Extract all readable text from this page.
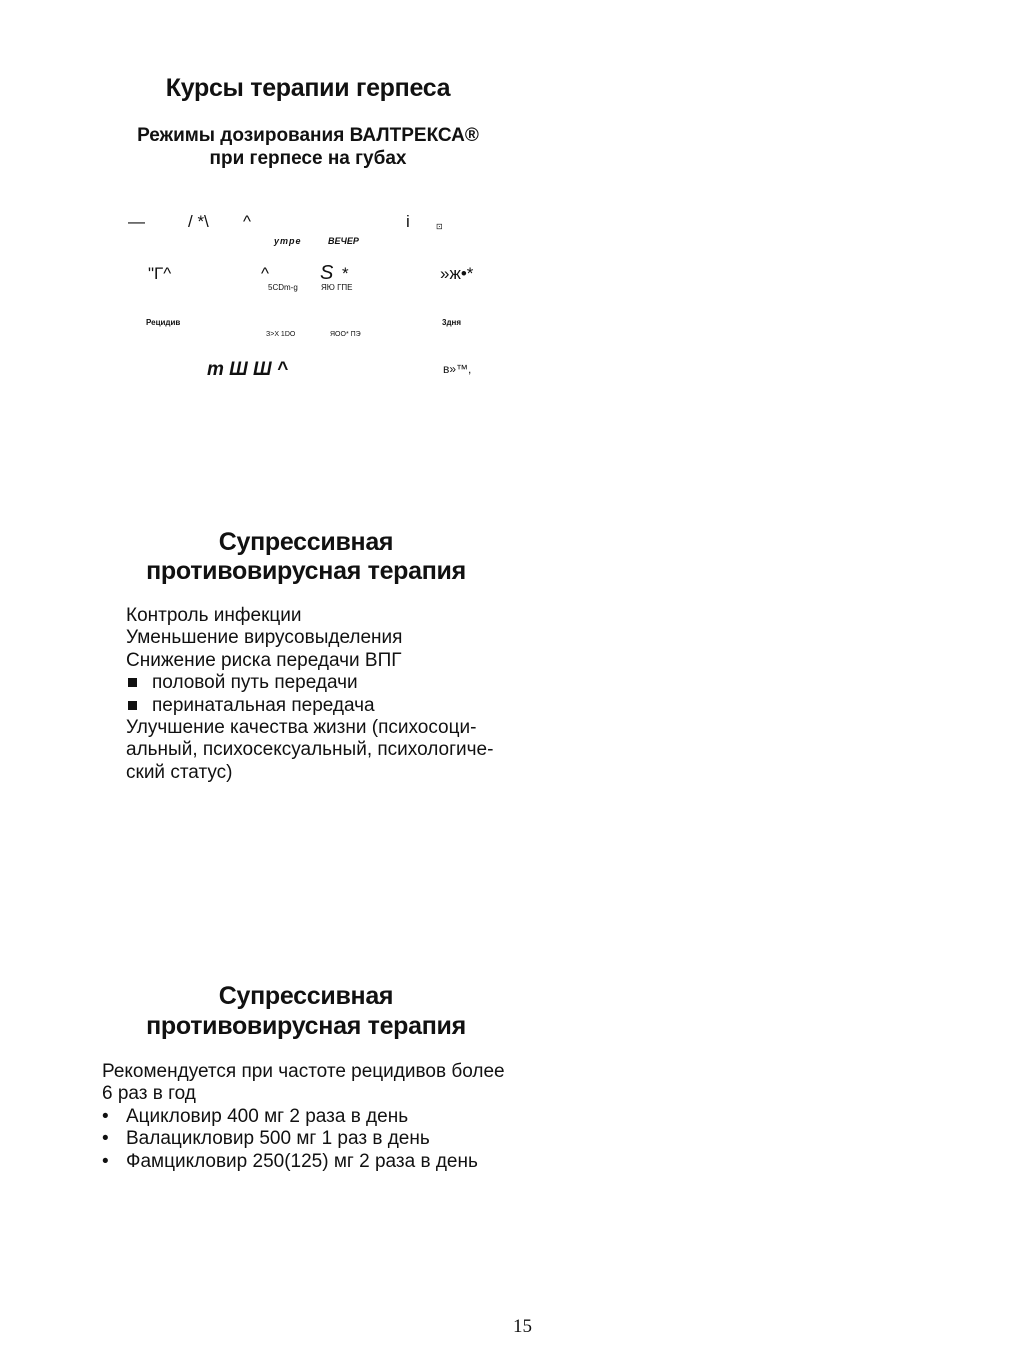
Курсы терапии герпеса
Режимы дозирования ВАЛТРЕКСА®
при герпесе на губах
—	/ *\ ^	i	⊡
утре	ВЕЧЕР
"Г^	^	S *	»ж•*
5CDm-g	ЯЮ ГПЕ
Рецидив	3дня
З>Х 1DO	ЯОО* ПЭ
т Ш Ш ^	в»™,
Супрессивная
противовирусная терапия
Контроль инфекции
Уменьшение вирусовыделения
Снижение риска передачи ВПГ
половой путь передачи
перинатальная передача
Улучшение качества жизни (психосоци-
альный, психосексуальный, психологиче-
ский статус)
Супрессивная
противовирусная терапия
Рекомендуется при частоте рецидивов более
6 раз в год
• Ацикловир 400 мг 2 раза в день
• Валацикловир 500 мг 1 раз в день
• Фамцикловир 250(125) мг 2 раза в день
15
